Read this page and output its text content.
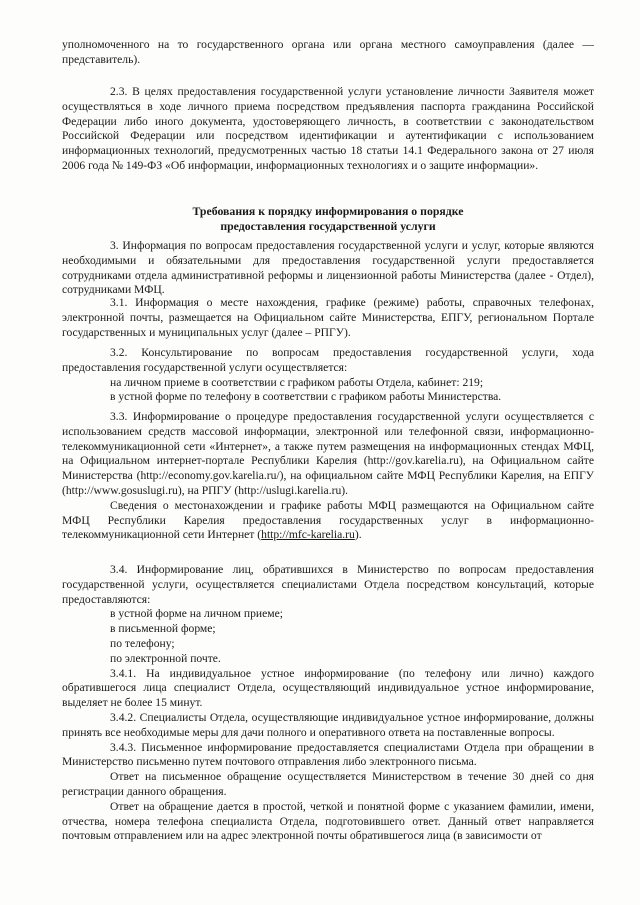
уполномоченного на то государственного органа или органа местного самоуправления (далее — представитель).

2.3. В целях предоставления государственной услуги установление личности Заявителя может осуществляться в ходе личного приема посредством предъявления паспорта гражданина Российской Федерации либо иного документа, удостоверяющего личность, в соответствии с законодательством Российской Федерации или посредством идентификации и аутентификации с использованием информационных технологий, предусмотренных частью 18 статьи 14.1 Федерального закона от 27 июля 2006 года № 149-ФЗ «Об информации, информационных технологиях и о защите информации».

Требования к порядку информирования о порядке
предоставления государственной услуги

3. Информация по вопросам предоставления государственной услуги и услуг, которые являются необходимыми и обязательными для предоставления государственной услуги предоставляется сотрудниками отдела административной реформы и лицензионной работы Министерства (далее - Отдел), сотрудниками МФЦ.

3.1. Информация о месте нахождения, графике (режиме) работы, справочных телефонах, электронной почты, размещается на Официальном сайте Министерства, ЕПГУ, региональном Портале государственных и муниципальных услуг (далее – РПГУ).

3.2. Консультирование по вопросам предоставления государственной услуги, хода предоставления государственной услуги осуществляется:

на личном приеме в соответствии с графиком работы Отдела, кабинет: 219;

в устной форме по телефону в соответствии с графиком работы Министерства.

3.3. Информирование о процедуре предоставления государственной услуги осуществляется с использованием средств массовой информации, электронной или телефонной связи, информационно-телекоммуникационной сети «Интернет», а также путем размещения на информационных стендах МФЦ, на Официальном интернет-портале Республики Карелия (http://gov.karelia.ru), на Официальном сайте Министерства (http://economy.gov.karelia.ru/), на официальном сайте МФЦ Республики Карелия, на ЕПГУ (http://www.gosuslugi.ru), на РПГУ (http://uslugi.karelia.ru).

Сведения о местонахождении и графике работы МФЦ размещаются на Официальном сайте МФЦ Республики Карелия предоставления государственных услуг в информационно-телекоммуникационной сети Интернет (http://mfc-karelia.ru).

3.4. Информирование лиц, обратившихся в Министерство по вопросам предоставления государственной услуги, осуществляется специалистами Отдела посредством консультаций, которые предоставляются:

в устной форме на личном приеме;

в письменной форме;

по телефону;

по электронной почте.

3.4.1. На индивидуальное устное информирование (по телефону или лично) каждого обратившегося лица специалист Отдела, осуществляющий индивидуальное устное информирование, выделяет не более 15 минут.

3.4.2. Специалисты Отдела, осуществляющие индивидуальное устное информирование, должны принять все необходимые меры для дачи полного и оперативного ответа на поставленные вопросы.

3.4.3. Письменное информирование предоставляется специалистами Отдела при обращении в Министерство письменно путем почтового отправления либо электронного письма.

Ответ на письменное обращение осуществляется Министерством в течение 30 дней со дня регистрации данного обращения.

Ответ на обращение дается в простой, четкой и понятной форме с указанием фамилии, имени, отчества, номера телефона специалиста Отдела, подготовившего ответ. Данный ответ направляется почтовым отправлением или на адрес электронной почты обратившегося лица (в зависимости от
